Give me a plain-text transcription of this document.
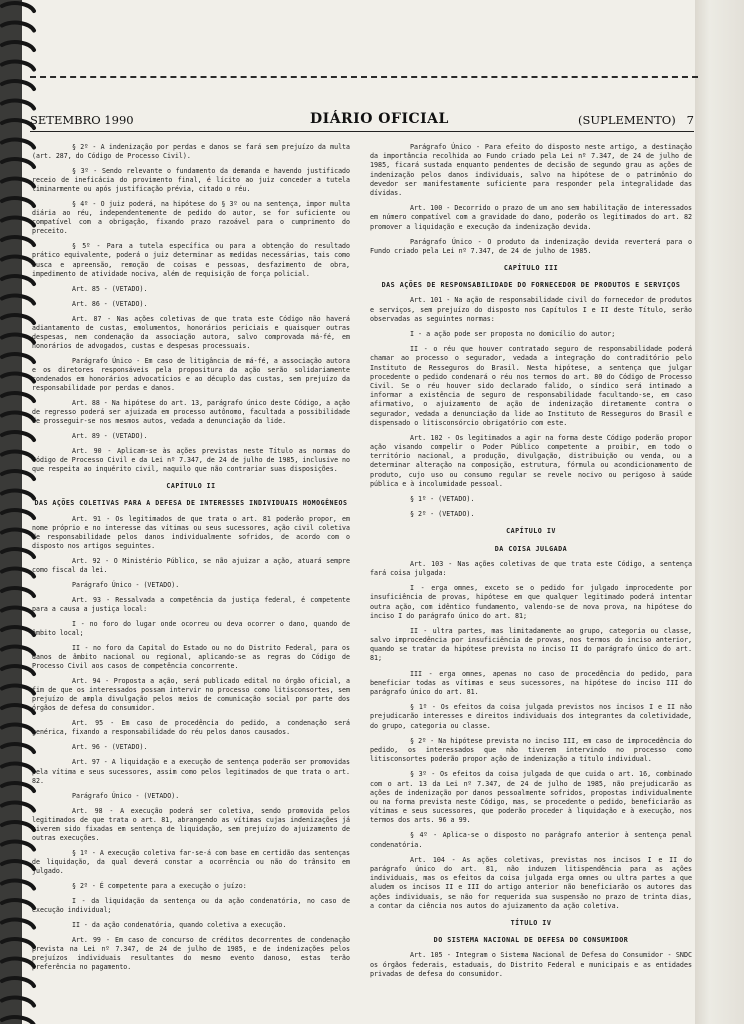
SETEMBRO 1990	DIÁRIO OFICIAL	(SUPLEMENTO) 7

§ 2º - A indenização por perdas e danos se fará sem prejuízo da multa (art. 287, do Código de Processo Civil).

§ 3º - Sendo relevante o fundamento da demanda e havendo justificado receio de ineficácia do provimento final, é lícito ao juiz conceder a tutela liminarmente ou após justificação prévia, citado o réu.

§ 4º - O juiz poderá, na hipótese do § 3º ou na sentença, impor multa diária ao réu, independentemente de pedido do autor, se for suficiente ou compatível com a obrigação, fixando prazo razoável para o cumprimento do preceito.

§ 5º - Para a tutela específica ou para a obtenção do resultado prático equivalente, poderá o juiz determinar as medidas necessárias, tais como busca e apreensão, remoção de coisas e pessoas, desfazimento de obra, impedimento de atividade nociva, além de requisição de força policial.

Art. 85 - (VETADO).

Art. 86 - (VETADO).

Art. 87 - Nas ações coletivas de que trata este Código não haverá adiantamento de custas, emolumentos, honorários periciais e quaisquer outras despesas, nem condenação da associação autora, salvo comprovada má-fé, em honorários de advogados, custas e despesas processuais.

Parágrafo Único - Em caso de litigância de má-fé, a associação autora e os diretores responsáveis pela propositura da ação serão solidariamente condenados em honorários advocatícios e ao décuplo das custas, sem prejuízo da responsabilidade por perdas e danos.

Art. 88 - Na hipótese do art. 13, parágrafo único deste Código, a ação de regresso poderá ser ajuizada em processo autônomo, facultada a possibilidade de prosseguir-se nos mesmos autos, vedada a denunciação da lide.

Art. 89 - (VETADO).

Art. 90 - Aplicam-se às ações previstas neste Título as normas do Código de Processo Civil e da Lei nº 7.347, de 24 de julho de 1985, inclusive no que respeita ao inquérito civil, naquilo que não contrariar suas disposições.

CAPÍTULO II

DAS AÇÕES COLETIVAS PARA A DEFESA DE INTERESSES INDIVIDUAIS HOMOGÊNEOS

Art. 91 - Os legitimados de que trata o art. 81 poderão propor, em nome próprio e no interesse das vítimas ou seus sucessores, ação civil coletiva de responsabilidade pelos danos individualmente sofridos, de acordo com o disposto nos artigos seguintes.

Art. 92 - O Ministério Público, se não ajuizar a ação, atuará sempre como fiscal da lei.

Parágrafo Único - (VETADO).

Art. 93 - Ressalvada a competência da justiça federal, é competente para a causa a justiça local:

I - no foro do lugar onde ocorreu ou deva ocorrer o dano, quando de âmbito local;

II - no foro da Capital do Estado ou no do Distrito Federal, para os danos de âmbito nacional ou regional, aplicando-se as regras do Código de Processo Civil aos casos de competência concorrente.

Art. 94 - Proposta a ação, será publicado edital no órgão oficial, a fim de que os interessados possam intervir no processo como litisconsortes, sem prejuízo de ampla divulgação pelos meios de comunicação social por parte dos órgãos de defesa do consumidor.

Art. 95 - Em caso de procedência do pedido, a condenação será genérica, fixando a responsabilidade do réu pelos danos causados.

Art. 96 - (VETADO).

Art. 97 - A liquidação e a execução de sentença poderão ser promovidas pela vítima e seus sucessores, assim como pelos legitimados de que trata o art. 82.

Parágrafo Único - (VETADO).

Art. 98 - A execução poderá ser coletiva, sendo promovida pelos legitimados de que trata o art. 81, abrangendo as vítimas cujas indenizações já tiverem sido fixadas em sentença de liquidação, sem prejuízo do ajuizamento de outras execuções.

§ 1º - A execução coletiva far-se-á com base em certidão das sentenças de liquidação, da qual deverá constar a ocorrência ou não do trânsito em julgado.

§ 2º - É competente para a execução o juízo:

I - da liquidação da sentença ou da ação condenatória, no caso de execução individual;

II - da ação condenatória, quando coletiva a execução.

Art. 99 - Em caso de concurso de créditos decorrentes de condenação prevista na Lei nº 7.347, de 24 de julho de 1985, e de indenizações pelos prejuízos individuais resultantes do mesmo evento danoso, estas terão preferência no pagamento.

Parágrafo Único - Para efeito do disposto neste artigo, a destinação da importância recolhida ao Fundo criado pela Lei nº 7.347, de 24 de julho de 1985, ficará sustada enquanto pendentes de decisão de segundo grau as ações de indenização pelos danos individuais, salvo na hipótese de o patrimônio do devedor ser manifestamente suficiente para responder pela integralidade das dívidas.

Art. 100 - Decorrido o prazo de um ano sem habilitação de interessados em número compatível com a gravidade do dano, poderão os legitimados do art. 82 promover a liquidação e execução da indenização devida.

Parágrafo Único - O produto da indenização devida reverterá para o Fundo criado pela Lei nº 7.347, de 24 de julho de 1985.

CAPÍTULO III

DAS AÇÕES DE RESPONSABILIDADE DO FORNECEDOR DE PRODUTOS E SERVIÇOS

Art. 101 - Na ação de responsabilidade civil do fornecedor de produtos e serviços, sem prejuízo do disposto nos Capítulos I e II deste Título, serão observadas as seguintes normas:

I - a ação pode ser proposta no domicílio do autor;

II - o réu que houver contratado seguro de responsabilidade poderá chamar ao processo o segurador, vedada a integração do contraditório pelo Instituto de Resseguros do Brasil. Nesta hipótese, a sentença que julgar procedente o pedido condenará o réu nos termos do art. 80 do Código de Processo Civil. Se o réu houver sido declarado falido, o síndico será intimado a informar a existência de seguro de responsabilidade facultando-se, em caso afirmativo, o ajuizamento de ação de indenização diretamente contra o segurador, vedada a denunciação da lide ao Instituto de Resseguros do Brasil e dispensado o litisconsórcio obrigatório com este.

Art. 102 - Os legitimados a agir na forma deste Código poderão propor ação visando compelir o Poder Público competente a proibir, em todo o território nacional, a produção, divulgação, distribuição ou venda, ou a determinar alteração na composição, estrutura, fórmula ou acondicionamento de produto, cujo uso ou consumo regular se revele nocivo ou perigoso à saúde pública e à incolumidade pessoal.

§ 1º - (VETADO).

§ 2º - (VETADO).

CAPÍTULO IV

DA COISA JULGADA

Art. 103 - Nas ações coletivas de que trata este Código, a sentença fará coisa julgada:

I - erga omnes, exceto se o pedido for julgado improcedente por insuficiência de provas, hipótese em que qualquer legitimado poderá intentar outra ação, com idêntico fundamento, valendo-se de nova prova, na hipótese do inciso I do parágrafo único do art. 81;

II - ultra partes, mas limitadamente ao grupo, categoria ou classe, salvo improcedência por insuficiência de provas, nos termos do inciso anterior, quando se tratar da hipótese prevista no inciso II do parágrafo único do art. 81;

III - erga omnes, apenas no caso de procedência do pedido, para beneficiar todas as vítimas e seus sucessores, na hipótese do inciso III do parágrafo único do art. 81.

§ 1º - Os efeitos da coisa julgada previstos nos incisos I e II não prejudicarão interesses e direitos individuais dos integrantes da coletividade, do grupo, categoria ou classe.

§ 2º - Na hipótese prevista no inciso III, em caso de improcedência do pedido, os interessados que não tiverem intervindo no processo como litisconsortes poderão propor ação de indenização a título individual.

§ 3º - Os efeitos da coisa julgada de que cuida o art. 16, combinado com o art. 13 da Lei nº 7.347, de 24 de julho de 1985, não prejudicarão as ações de indenização por danos pessoalmente sofridos, propostas individualmente ou na forma prevista neste Código, mas, se procedente o pedido, beneficiarão as vítimas e seus sucessores, que poderão proceder à liquidação e à execução, nos termos dos arts. 96 a 99.

§ 4º - Aplica-se o disposto no parágrafo anterior à sentença penal condenatória.

Art. 104 - As ações coletivas, previstas nos incisos I e II do parágrafo único do art. 81, não induzem litispendência para as ações individuais, mas os efeitos da coisa julgada erga omnes ou ultra partes a que aludem os incisos II e III do artigo anterior não beneficiarão os autores das ações individuais, se não for requerida sua suspensão no prazo de trinta dias, a contar da ciência nos autos do ajuizamento da ação coletiva.

TÍTULO IV

DO SISTEMA NACIONAL DE DEFESA DO CONSUMIDOR

Art. 105 - Integram o Sistema Nacional de Defesa do Consumidor - SNDC os órgãos federais, estaduais, do Distrito Federal e municipais e as entidades privadas de defesa do consumidor.
